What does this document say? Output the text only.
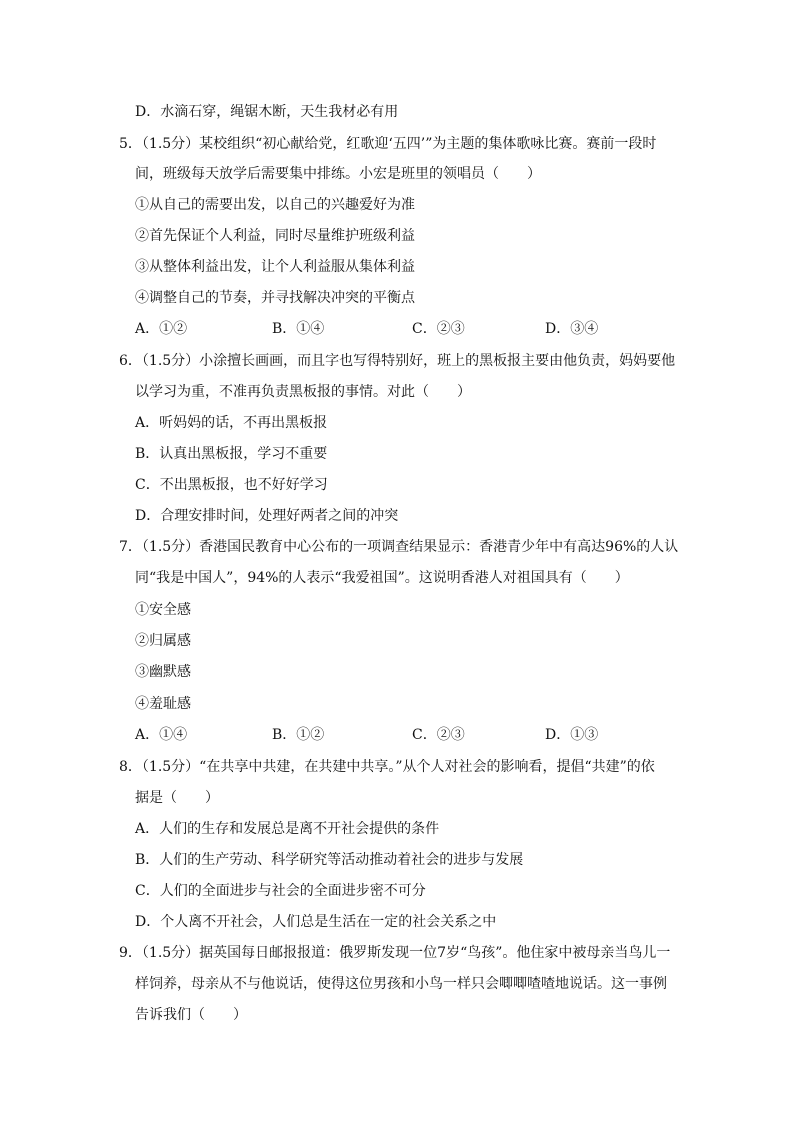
D．水滴石穿，绳锯木断，天生我材必有用
5．（1.5分）某校组织“初心献给党，红歌迎‘五四’”为主题的集体歌咏比赛。赛前一段时
间，班级每天放学后需要集中排练。小宏是班里的领唱员（　　）
①从自己的需要出发，以自己的兴趣爱好为准
②首先保证个人利益，同时尽量维护班级利益
③从整体利益出发，让个人利益服从集体利益
④调整自己的节奏，并寻找解决冲突的平衡点
A．①②	B．①④	C．②③	D．③④
6．（1.5分）小涂擅长画画，而且字也写得特别好，班上的黑板报主要由他负责，妈妈要他
以学习为重，不准再负责黑板报的事情。对此（　　）
A．听妈妈的话，不再出黑板报
B．认真出黑板报，学习不重要
C．不出黑板报，也不好好学习
D．合理安排时间，处理好两者之间的冲突
7．（1.5分）香港国民教育中心公布的一项调查结果显示：香港青少年中有高达96%的人认
同“我是中国人”，94%的人表示“我爱祖国”。这说明香港人对祖国具有（　　）
①安全感
②归属感
③幽默感
④羞耻感
A．①④	B．①②	C．②③	D．①③
8．（1.5分）“在共享中共建，在共建中共享。”从个人对社会的影响看，提倡“共建”的依
据是（　　）
A．人们的生存和发展总是离不开社会提供的条件
B．人们的生产劳动、科学研究等活动推动着社会的进步与发展
C．人们的全面进步与社会的全面进步密不可分
D．个人离不开社会，人们总是生活在一定的社会关系之中
9．（1.5分）据英国每日邮报报道：俄罗斯发现一位7岁“鸟孩”。他住家中被母亲当鸟儿一
样饲养，母亲从不与他说话，使得这位男孩和小鸟一样只会唧唧喳喳地说话。这一事例
告诉我们（　　）
